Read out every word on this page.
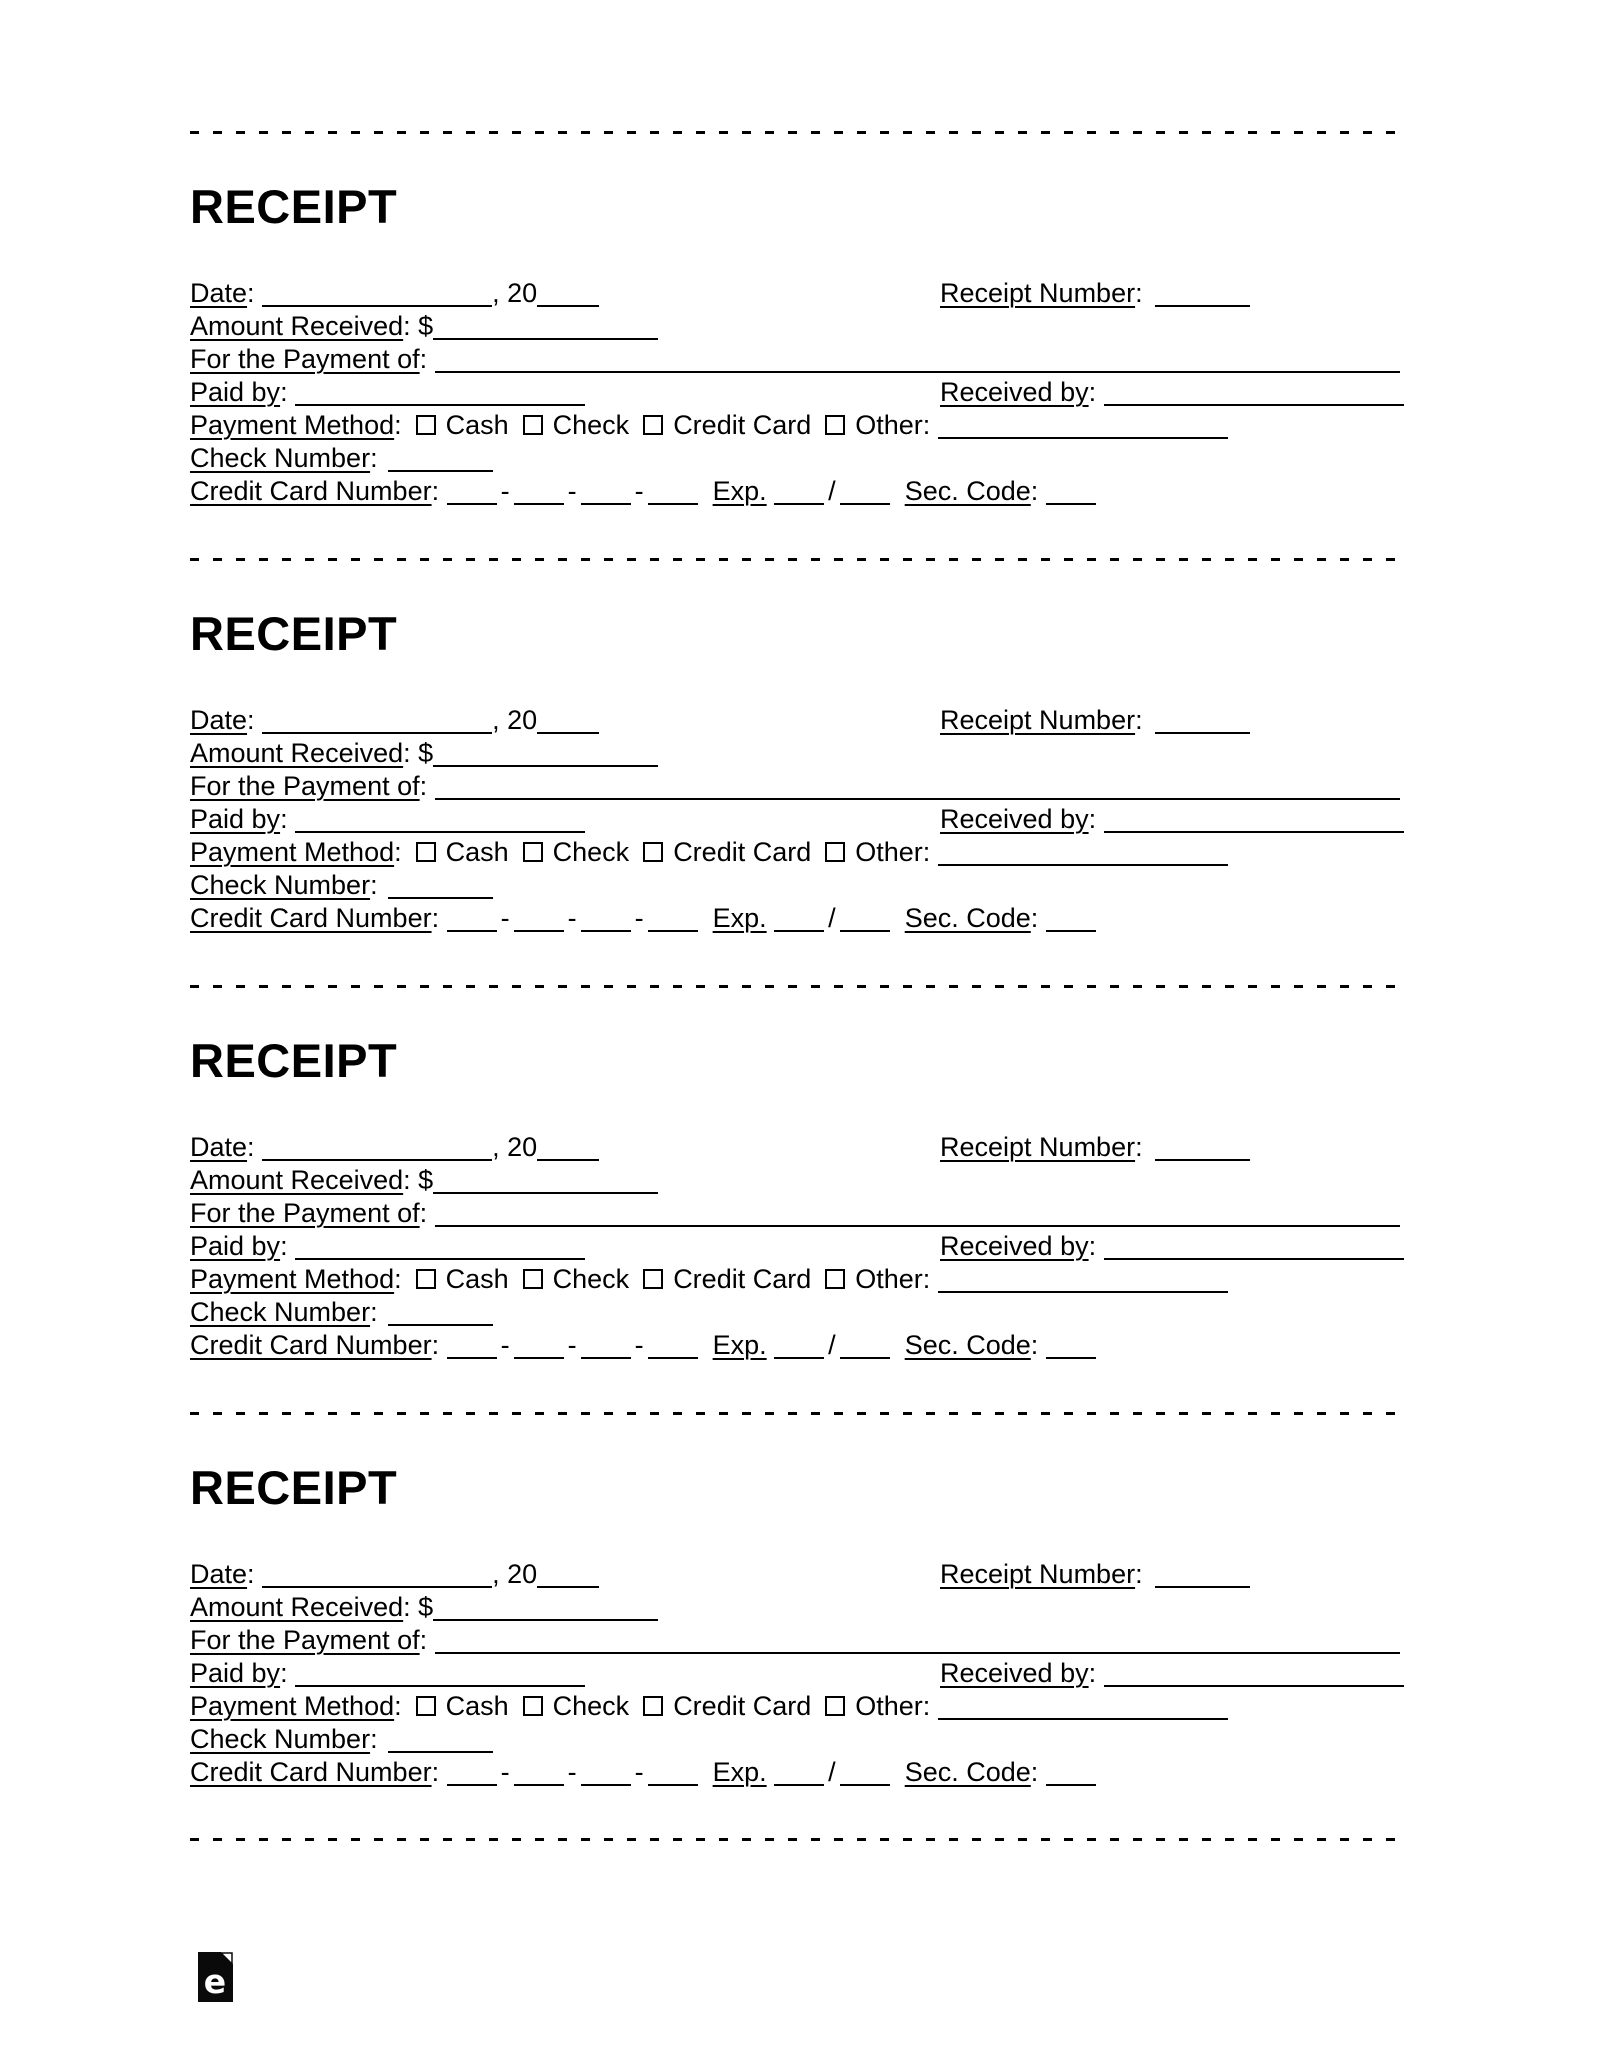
RECEIPT
Date:	, 20	Receipt Number:
Amount Received: $
For the Payment of:
Paid by:	Received by:
Payment Method: Cash Check Credit Card Other:
Check Number:
Credit Card Number: - - -	Exp. /	Sec. Code:
RECEIPT
Date:	, 20	Receipt Number:
Amount Received: $
For the Payment of:
Paid by:	Received by:
Payment Method: Cash Check Credit Card Other:
Check Number:
Credit Card Number: - - -	Exp. /	Sec. Code:
RECEIPT
Date:	, 20	Receipt Number:
Amount Received: $
For the Payment of:
Paid by:	Received by:
Payment Method: Cash Check Credit Card Other:
Check Number:
Credit Card Number: - - -	Exp. /	Sec. Code:
RECEIPT
Date:	, 20	Receipt Number:
Amount Received: $
For the Payment of:
Paid by:	Received by:
Payment Method: Cash Check Credit Card Other:
Check Number:
Credit Card Number: - - -	Exp. /	Sec. Code:
e
